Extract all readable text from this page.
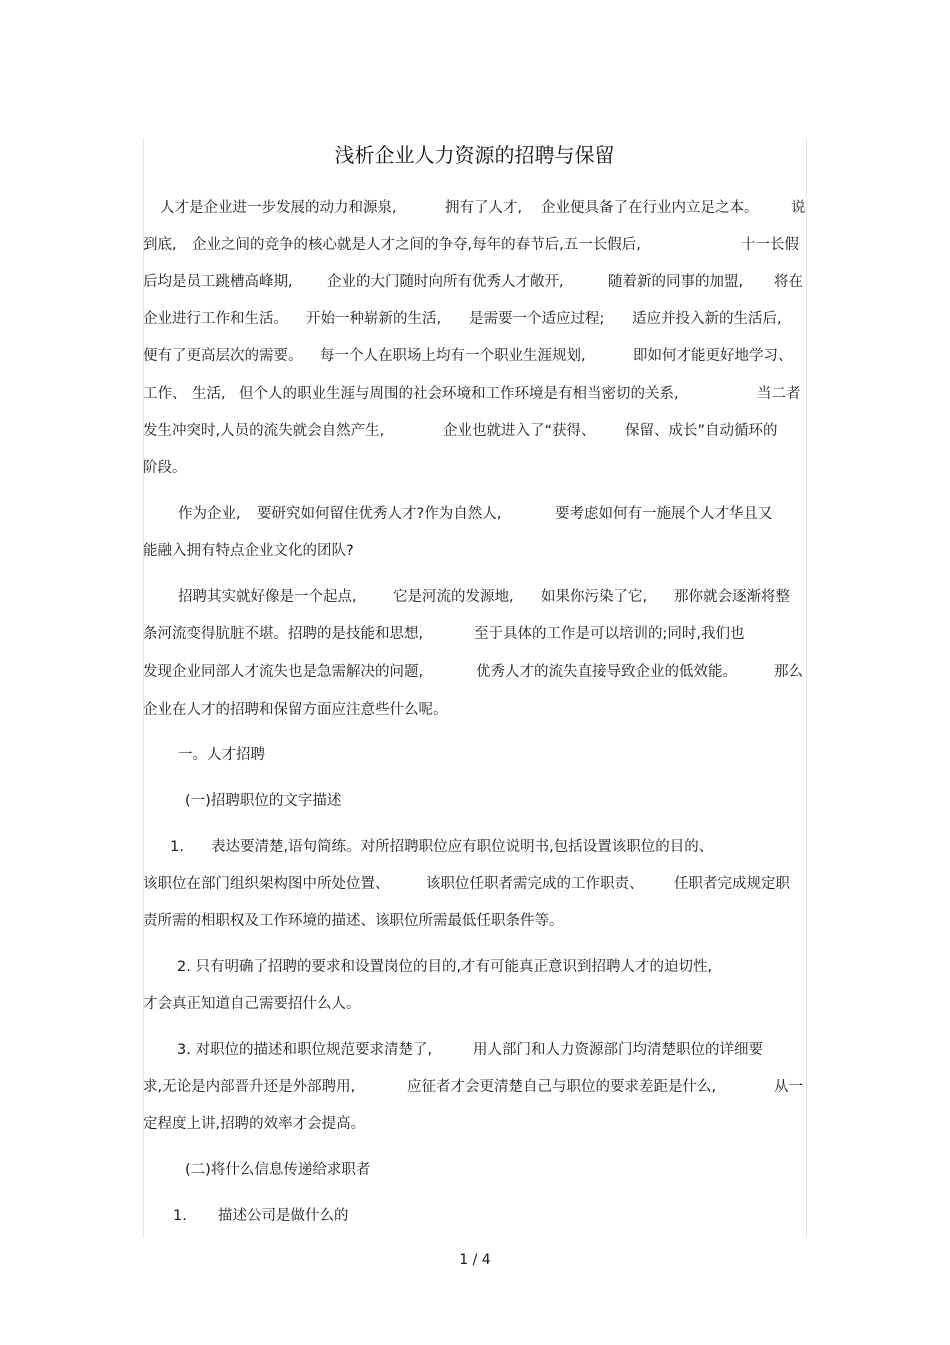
浅析企业人力资源的招聘与保留
人才是企业进一步发展的动力和源泉,	拥有了人才, 企业便具备了在行业内立足之本。 说
到底, 企业之间的竞争的核心就是人才之间的争夺,每年的春节后,五一长假后,	十一长假
后均是员工跳槽高峰期, 企业的大门随时向所有优秀人才敞开,	随着新的同事的加盟, 将在
企业进行工作和生活。 开始一种崭新的生活, 是需要一个适应过程; 适应并投入新的生活后,
便有了更高层次的需要。 每一个人在职场上均有一个职业生涯规划,	即如何才能更好地学习、
工作、 生活, 但个人的职业生涯与周围的社会环境和工作环境是有相当密切的关系,	当二者
发生冲突时,人员的流失就会自然产生,	企业也就进入了“获得、 保留、成长”自动循环的
阶段。
作为企业, 要研究如何留住优秀人才?作为自然人,	要考虑如何有一施展个人才华且又
能融入拥有特点企业文化的团队?
招聘其实就好像是一个起点,	它是河流的发源地, 如果你污染了它, 那你就会逐渐将整
条河流变得肮脏不堪。招聘的是技能和思想,	至于具体的工作是可以培训的;同时,我们也
发现企业同部人才流失也是急需解决的问题,	优秀人才的流失直接导致企业的低效能。	那么
企业在人才的招聘和保留方面应注意些什么呢。
一。人才招聘
(一)招聘职位的文字描述
1. 表达要清楚,语句简练。对所招聘职位应有职位说明书,包括设置该职位的目的、
该职位在部门组织架构图中所处位置、	该职位任职者需完成的工作职责、 任职者完成规定职
责所需的相职权及工作环境的描述、该职位所需最低任职条件等。
2. 只有明确了招聘的要求和设置岗位的目的,才有可能真正意识到招聘人才的迫切性,
才会真正知道自己需要招什么人。
3. 对职位的描述和职位规范要求清楚了,	用人部门和人力资源部门均清楚职位的详细要
求,无论是内部晋升还是外部聘用,	应征者才会更清楚自己与职位的要求差距是什么,	从一
定程度上讲,招聘的效率才会提高。
(二)将什么信息传递给求职者
1. 描述公司是做什么的
1 / 4
